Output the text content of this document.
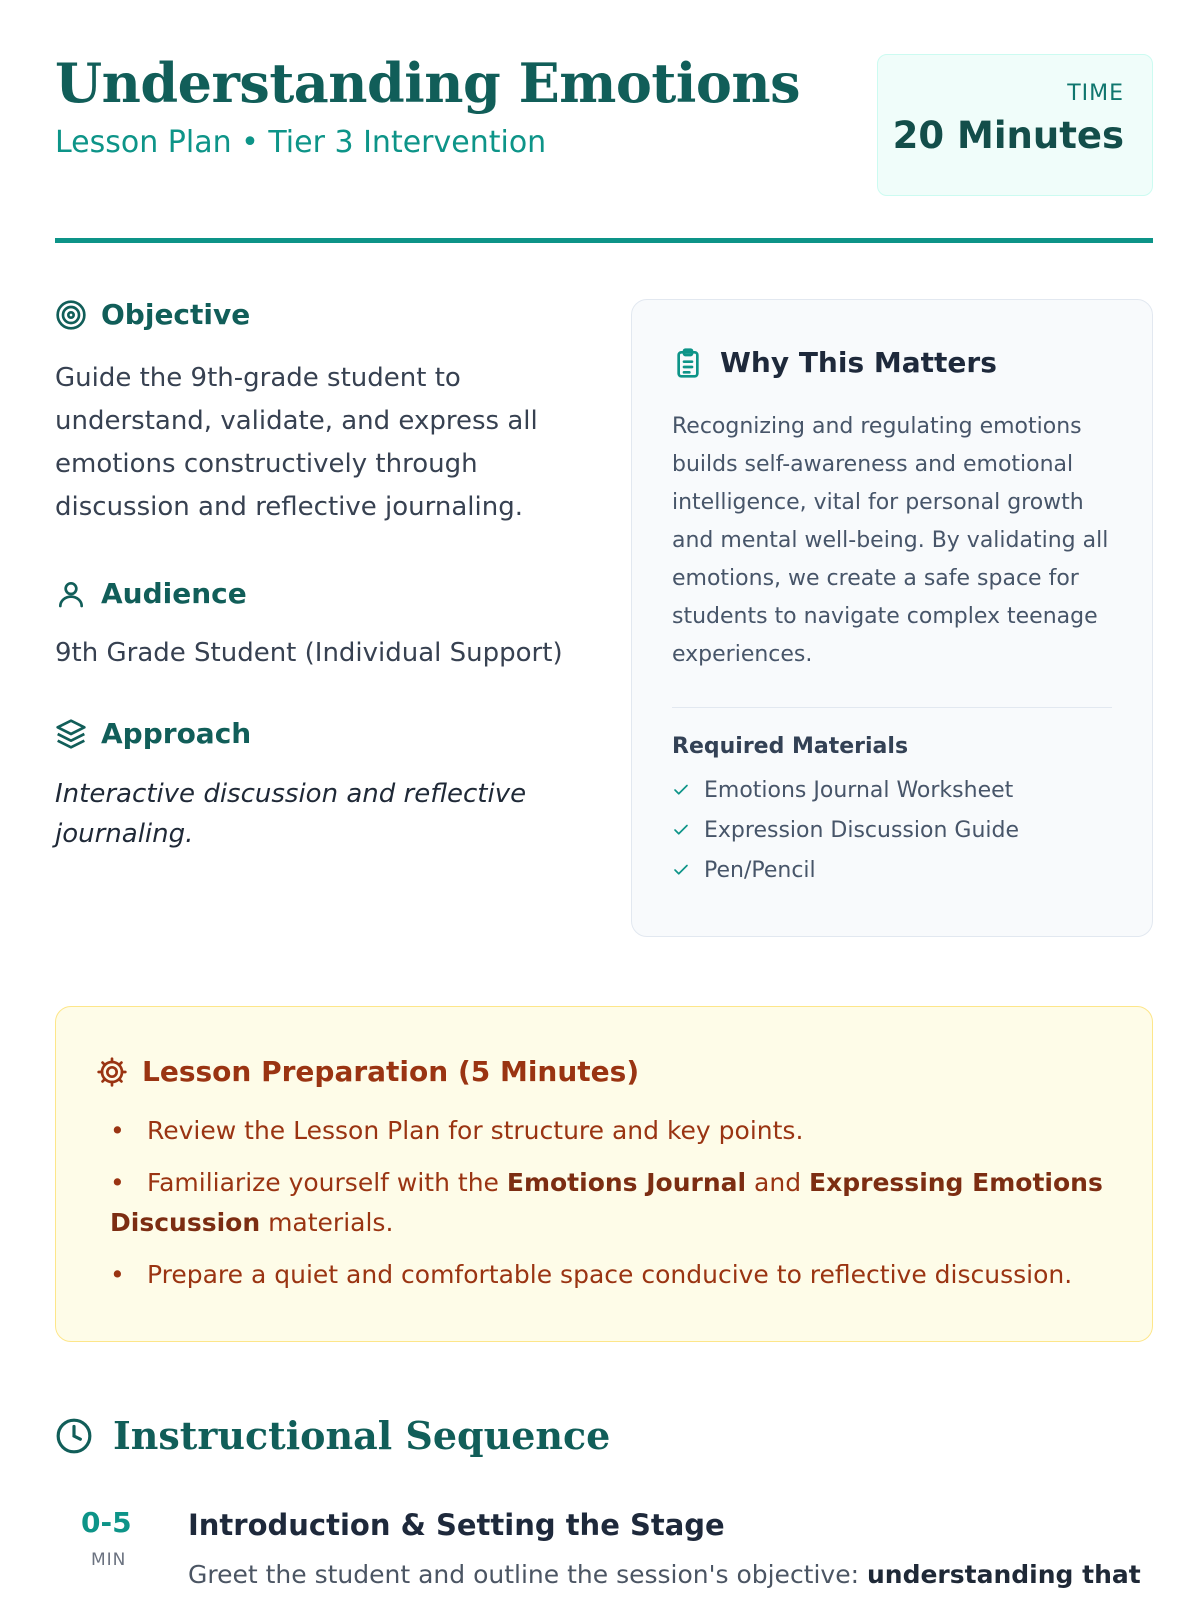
Understanding Emotions
Lesson Plan • Tier 3 Intervention
TIME
20 Minutes
Objective

Guide the 9th-grade student to understand, validate, and express all emotions constructively through discussion and reflective journaling.

Audience

9th Grade Student (Individual Support)

Approach

Interactive discussion and reflective journaling.

Why This Matters

Recognizing and regulating emotions builds self-awareness and emotional intelligence, vital for personal growth and mental well-being. By validating all emotions, we create a safe space for students to navigate complex teenage experiences.

Required Materials
Emotions Journal Worksheet
Expression Discussion Guide
Pen/Pencil
Lesson Preparation (5 Minutes)
• Review the Lesson Plan for structure and key points.
• Familiarize yourself with the Emotions Journal and Expressing Emotions Discussion materials.
• Prepare a quiet and comfortable space conducive to reflective discussion.
Instructional Sequence
0-5
MIN
Introduction & Setting the Stage
Greet the student and outline the session's objective: understanding that
